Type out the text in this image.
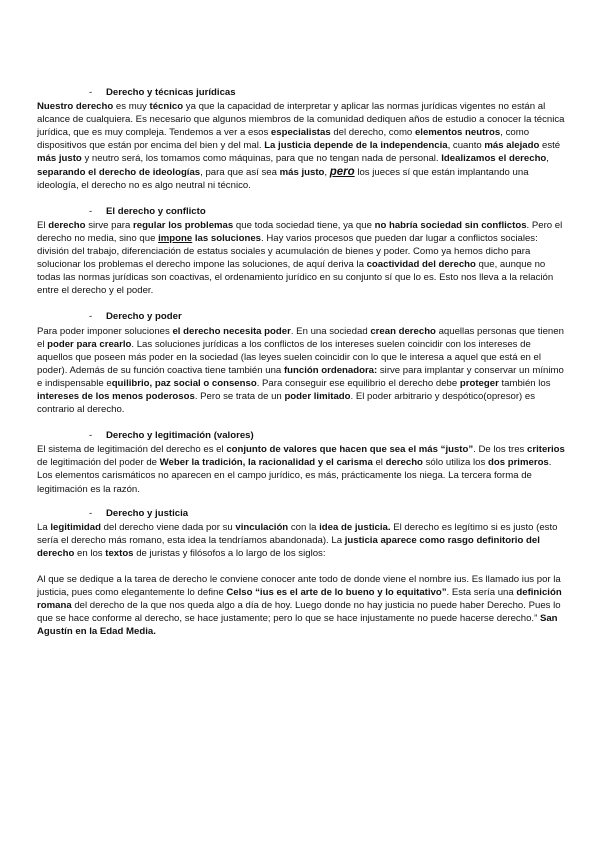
- Derecho y técnicas jurídicas

Nuestro derecho es muy técnico ya que la capacidad de interpretar y aplicar las normas jurídicas vigentes no están al alcance de cualquiera. Es necesario que algunos miembros de la comunidad dediquen años de estudio a conocer la técnica jurídica, que es muy compleja. Tendemos a ver a esos especialistas del derecho, como elementos neutros, como dispositivos que están por encima del bien y del mal. La justicia depende de la independencia, cuanto más alejado esté más justo y neutro será, los tomamos como máquinas, para que no tengan nada de personal. Idealizamos el derecho, separando el derecho de ideologías, para que así sea más justo, pero los jueces sí que están implantando una ideología, el derecho no es algo neutral ni técnico.

- El derecho y conflicto

El derecho sirve para regular los problemas que toda sociedad tiene, ya que no habría sociedad sin conflictos. Pero el derecho no media, sino que impone las soluciones. Hay varios procesos que pueden dar lugar a conflictos sociales: división del trabajo, diferenciación de estatus sociales y acumulación de bienes y poder. Como ya hemos dicho para solucionar los problemas el derecho impone las soluciones, de aquí deriva la coactividad del derecho que, aunque no todas las normas jurídicas son coactivas, el ordenamiento jurídico en su conjunto sí que lo es. Esto nos lleva a la relación entre el derecho y el poder.

- Derecho y poder

Para poder imponer soluciones el derecho necesita poder. En una sociedad crean derecho aquellas personas que tienen el poder para crearlo. Las soluciones jurídicas a los conflictos de los intereses suelen coincidir con los intereses de aquellos que poseen más poder en la sociedad (las leyes suelen coincidir con lo que le interesa a aquel que está en el poder). Además de su función coactiva tiene también una función ordenadora: sirve para implantar y conservar un mínimo e indispensable equilibrio, paz social o consenso. Para conseguir ese equilibrio el derecho debe proteger también los intereses de los menos poderosos. Pero se trata de un poder limitado. El poder arbitrario y despótico(opresor) es contrario al derecho.

- Derecho y legitimación (valores)

El sistema de legitimación del derecho es el conjunto de valores que hacen que sea el más “justo”. De los tres criterios de legitimación del poder de Weber la tradición, la racionalidad y el carisma el derecho sólo utiliza los dos primeros. Los elementos carismáticos no aparecen en el campo jurídico, es más, prácticamente los niega. La tercera forma de legitimación es la razón.

- Derecho y justicia

La legitimidad del derecho viene dada por su vinculación con la idea de justicia. El derecho es legítimo si es justo (esto sería el derecho más romano, esta idea la tendríamos abandonada). La justicia aparece como rasgo definitorio del derecho en los textos de juristas y filósofos a lo largo de los siglos:

Al que se dedique a la tarea de derecho le conviene conocer ante todo de donde viene el nombre ius. Es llamado ius por la justicia, pues como elegantemente lo define Celso “ius es el arte de lo bueno y lo equitativo”. Esta sería una definición romana del derecho de la que nos queda algo a día de hoy. Luego donde no hay justicia no puede haber Derecho. Pues lo que se hace conforme al derecho, se hace justamente; pero lo que se hace injustamente no puede hacerse derecho.” San Agustín en la Edad Media.
